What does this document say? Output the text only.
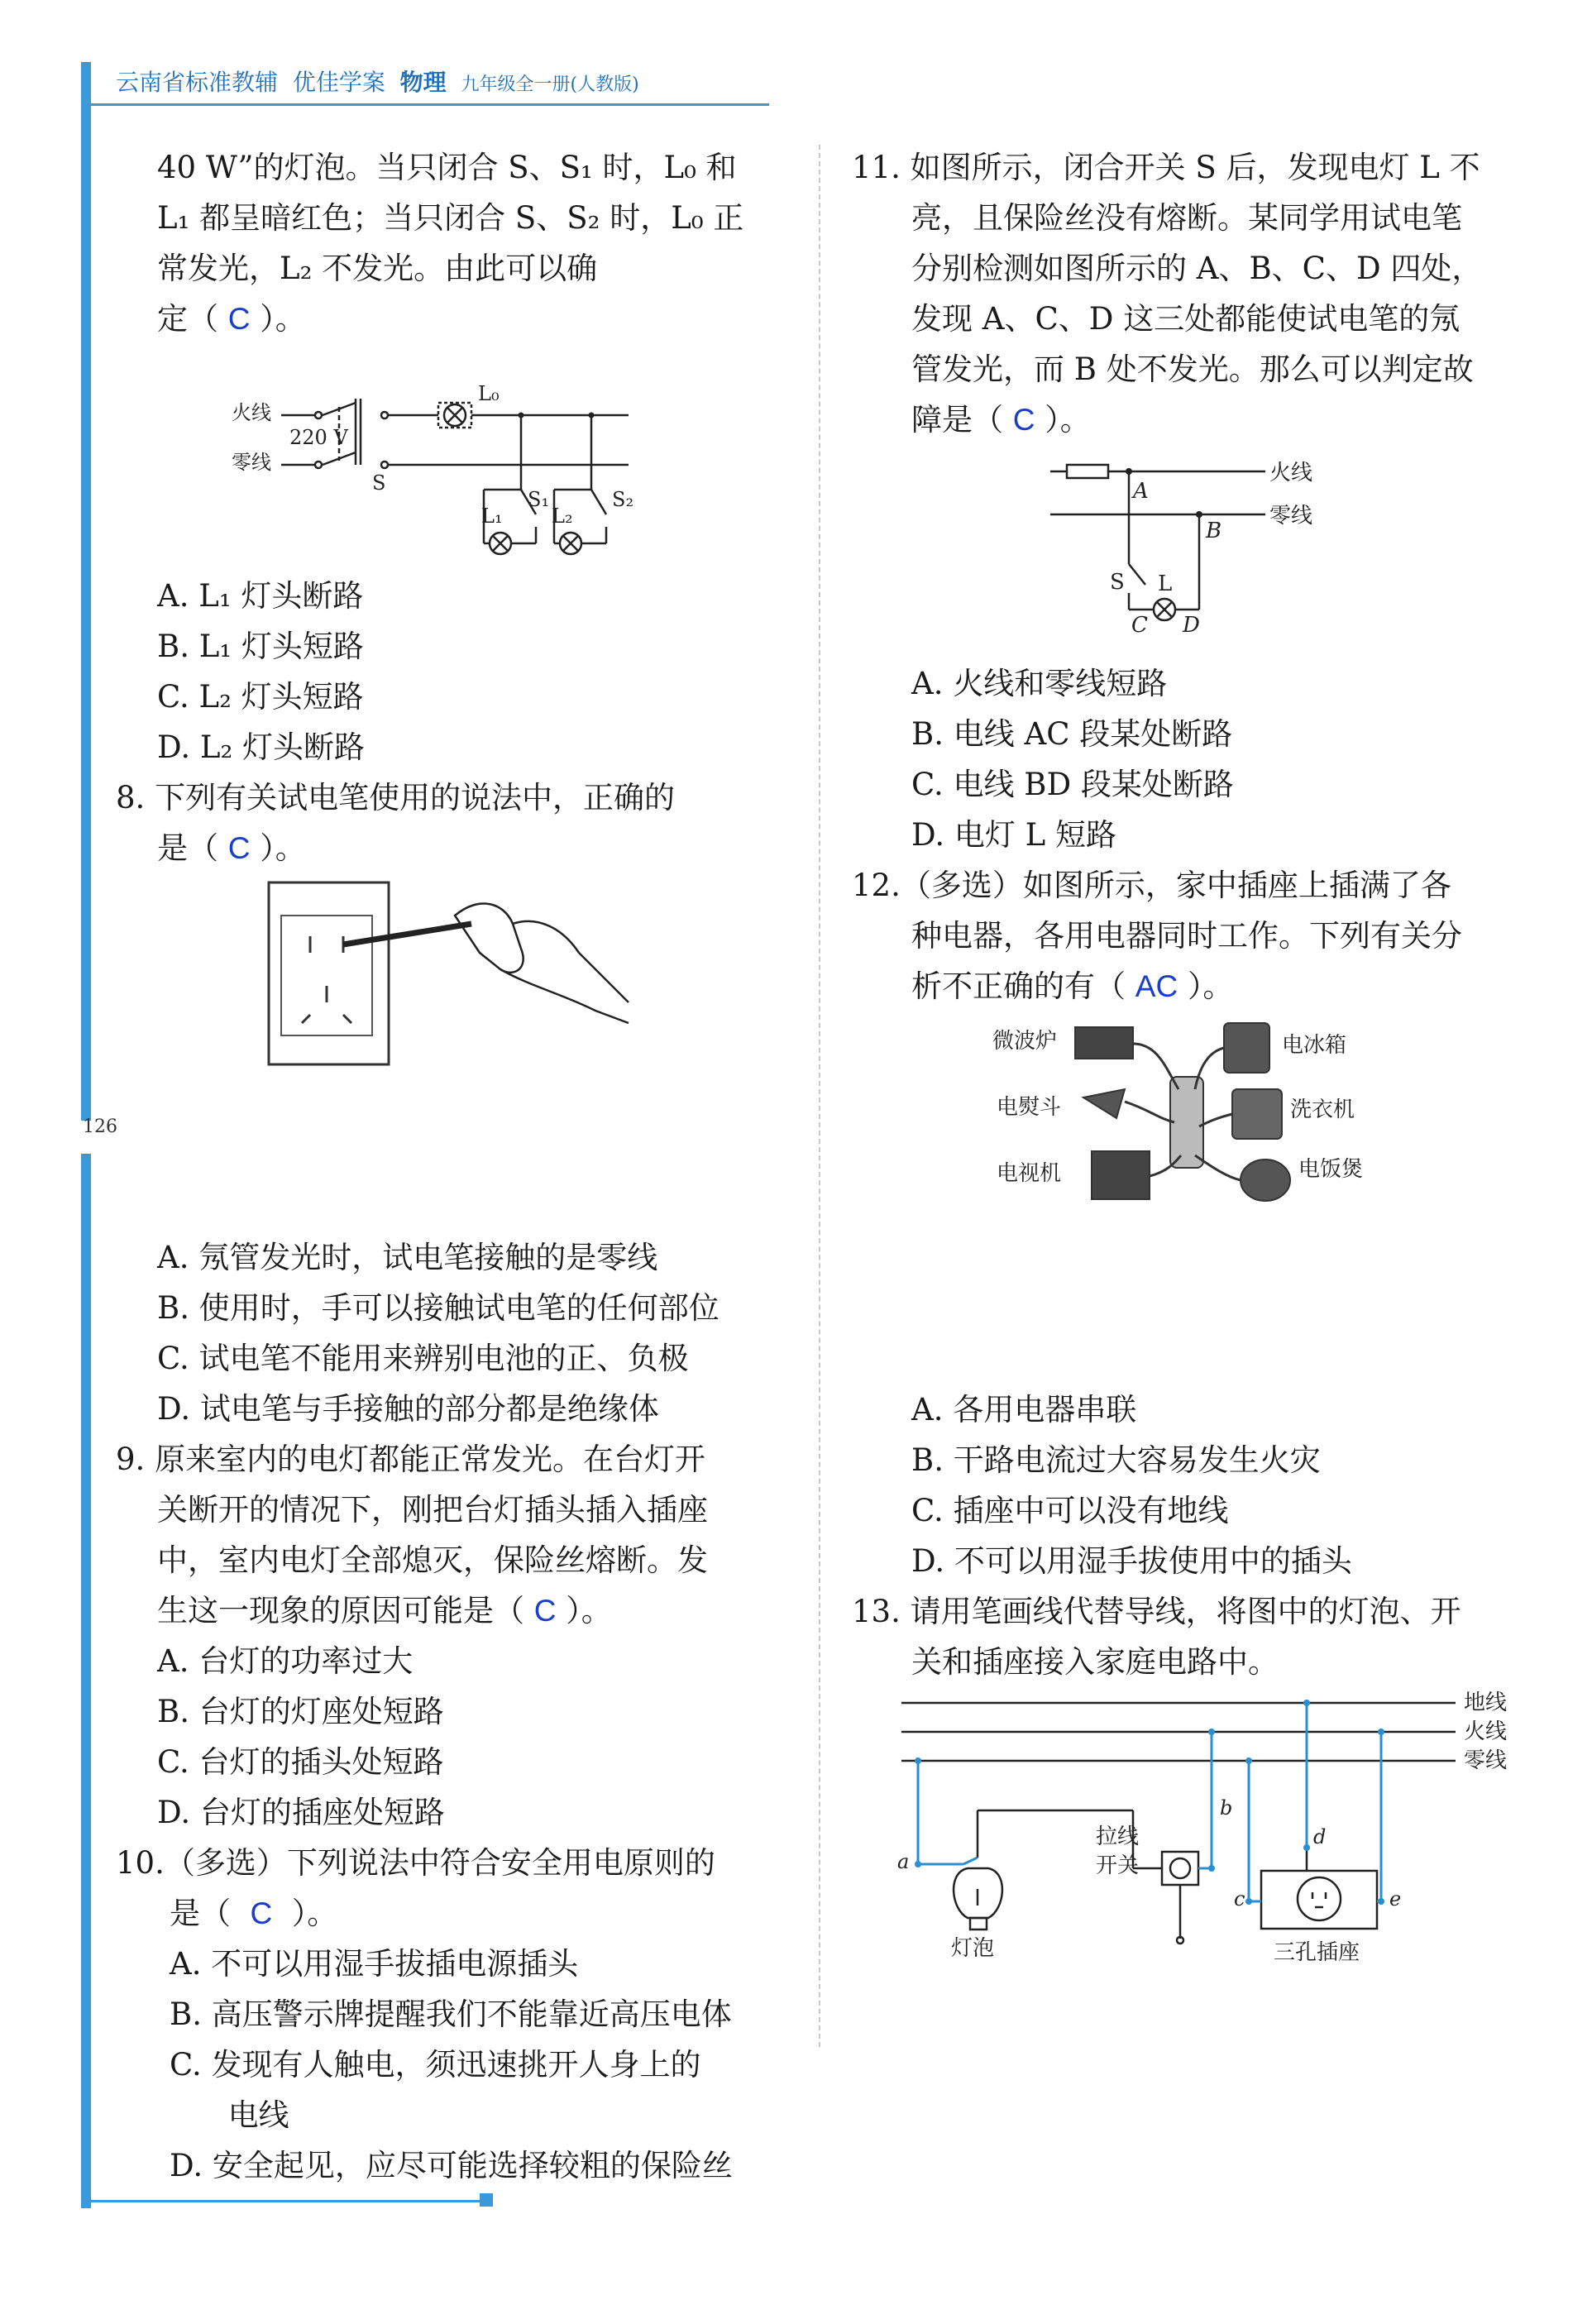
云南省标准教辅 优佳学案 物理 九年级全一册(人教版)
126

40 W”的灯泡。当只闭合 S、S₁ 时，L₀ 和

L₁ 都呈暗红色；当只闭合 S、S₂ 时，L₀ 正

常发光，L₂ 不发光。由此可以确

定（ C ）。

火线
零线
220 V
S
L₀
L₁
S₁
L₂
S₂

A. L₁ 灯头断路

B. L₁ 灯头短路

C. L₂ 灯头短路

D. L₂ 灯头断路

8. 下列有关试电笔使用的说法中，正确的

是（ C ）。

A. 氖管发光时，试电笔接触的是零线

B. 使用时，手可以接触试电笔的任何部位

C. 试电笔不能用来辨别电池的正、负极

D. 试电笔与手接触的部分都是绝缘体

9. 原来室内的电灯都能正常发光。在台灯开

关断开的情况下，刚把台灯插头插入插座

中，室内电灯全部熄灭，保险丝熔断。发

生这一现象的原因可能是（ C ）。

A. 台灯的功率过大

B. 台灯的灯座处短路

C. 台灯的插头处短路

D. 台灯的插座处短路

10.（多选）下列说法中符合安全用电原则的

是（ C ）。

A. 不可以用湿手拔插电源插头

B. 高压警示牌提醒我们不能靠近高压电体

C. 发现有人触电，须迅速挑开人身上的

电线

D. 安全起见，应尽可能选择较粗的保险丝

11. 如图所示，闭合开关 S 后，发现电灯 L 不

亮，且保险丝没有熔断。某同学用试电笔

分别检测如图所示的 A、B、C、D 四处，

发现 A、C、D 这三处都能使试电笔的氖

管发光，而 B 处不发光。那么可以判定故

障是（ C ）。

A
B
C D
火线
零线
S L

A. 火线和零线短路

B. 电线 AC 段某处断路

C. 电线 BD 段某处断路

D. 电灯 L 短路

12.（多选）如图所示，家中插座上插满了各

种电器，各用电器同时工作。下列有关分

析不正确的有（ AC ）。

微波炉	电冰箱
电熨斗	洗衣机
电视机	电饭煲

A. 各用电器串联

B. 干路电流过大容易发生火灾

C. 插座中可以没有地线

D. 不可以用湿手拔使用中的插头

13. 请用笔画线代替导线，将图中的灯泡、开

关和插座接入家庭电路中。

地线
火线
零线
拉线
开关
灯泡	三孔插座
a
b
c
d
e
